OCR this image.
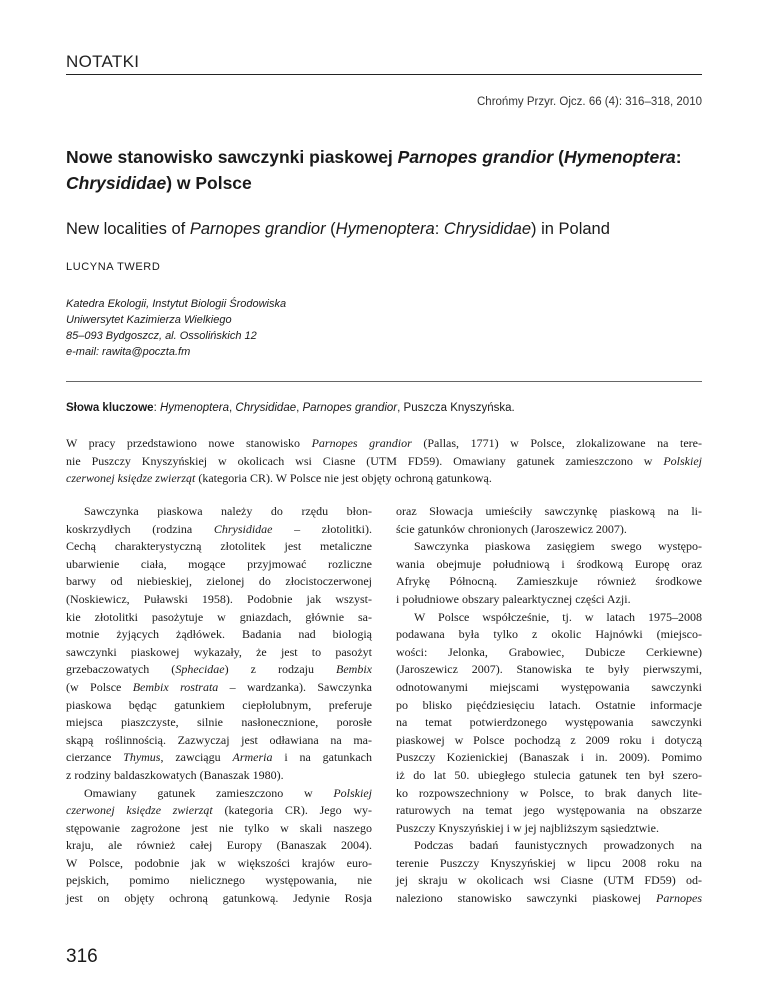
NOTATKI
Chrońmy Przyr. Ojcz. 66 (4): 316–318, 2010
Nowe stanowisko sawczynki piaskowej Parnopes grandior (Hymenoptera:
Chrysididae) w Polsce
New localities of Parnopes grandior (Hymenoptera: Chrysididae) in Poland
LUCYNA TWERD
Katedra Ekologii, Instytut Biologii Środowiska
Uniwersytet Kazimierza Wielkiego
85–093 Bydgoszcz, al. Ossolińskich 12
e-mail: rawita@poczta.fm
Słowa kluczowe: Hymenoptera, Chrysididae, Parnopes grandior, Puszcza Knyszyńska.
W pracy przedstawiono nowe stanowisko Parnopes grandior (Pallas, 1771) w Polsce, zlokalizowane na tere-
nie Puszczy Knyszyńskiej w okolicach wsi Ciasne (UTM FD59). Omawiany gatunek zamieszczono w Polskiej
czerwonej księdze zwierząt (kategoria CR). W Polsce nie jest objęty ochroną gatunkową.
Sawczynka piaskowa należy do rzędu błon-
koskrzydłych (rodzina Chrysididae – złotolitki).
Cechą charakterystyczną złotolitek jest metaliczne
ubarwienie ciała, mogące przyjmować rozliczne
barwy od niebieskiej, zielonej do złocistoczerwonej
(Noskiewicz, Puławski 1958). Podobnie jak wszyst-
kie złotolitki pasożytuje w gniazdach, głównie sa-
motnie żyjących żądłówek. Badania nad biologią
sawczynki piaskowej wykazały, że jest to pasożyt
grzebaczowatych (Sphecidae) z rodzaju Bembix
(w Polsce Bembix rostrata – wardzanka). Sawczynka
piaskowa będąc gatunkiem ciepłolubnym, preferuje
miejsca piaszczyste, silnie nasłonecznione, porosłe
skąpą roślinnością. Zazwyczaj jest odławiana na ma-
cierzance Thymus, zawciągu Armeria i na gatunkach
z rodziny baldaszkowatych (Banaszak 1980).
Omawiany gatunek zamieszczono w Polskiej
czerwonej księdze zwierząt (kategoria CR). Jego wy-
stępowanie zagrożone jest nie tylko w skali naszego
kraju, ale również całej Europy (Banaszak 2004).
W Polsce, podobnie jak w większości krajów euro-
pejskich, pomimo nielicznego występowania, nie
jest on objęty ochroną gatunkową. Jedynie Rosja
oraz Słowacja umieściły sawczynkę piaskową na li-
ście gatunków chronionych (Jaroszewicz 2007).
Sawczynka piaskowa zasięgiem swego występo-
wania obejmuje południową i środkową Europę oraz
Afrykę Północną. Zamieszkuje również środkowe
i południowe obszary palearktycznej części Azji.
W Polsce współcześnie, tj. w latach 1975–2008
podawana była tylko z okolic Hajnówki (miejsco-
wości: Jelonka, Grabowiec, Dubicze Cerkiewne)
(Jaroszewicz 2007). Stanowiska te były pierwszymi,
odnotowanymi miejscami występowania sawczynki
po blisko pięćdziesięciu latach. Ostatnie informacje
na temat potwierdzonego występowania sawczynki
piaskowej w Polsce pochodzą z 2009 roku i dotyczą
Puszczy Kozienickiej (Banaszak i in. 2009). Pomimo
iż do lat 50. ubiegłego stulecia gatunek ten był szero-
ko rozpowszechniony w Polsce, to brak danych lite-
raturowych na temat jego występowania na obszarze
Puszczy Knyszyńskiej i w jej najbliższym sąsiedztwie.
Podczas badań faunistycznych prowadzonych na
terenie Puszczy Knyszyńskiej w lipcu 2008 roku na
jej skraju w okolicach wsi Ciasne (UTM FD59) od-
naleziono stanowisko sawczynki piaskowej Parnopes
316
